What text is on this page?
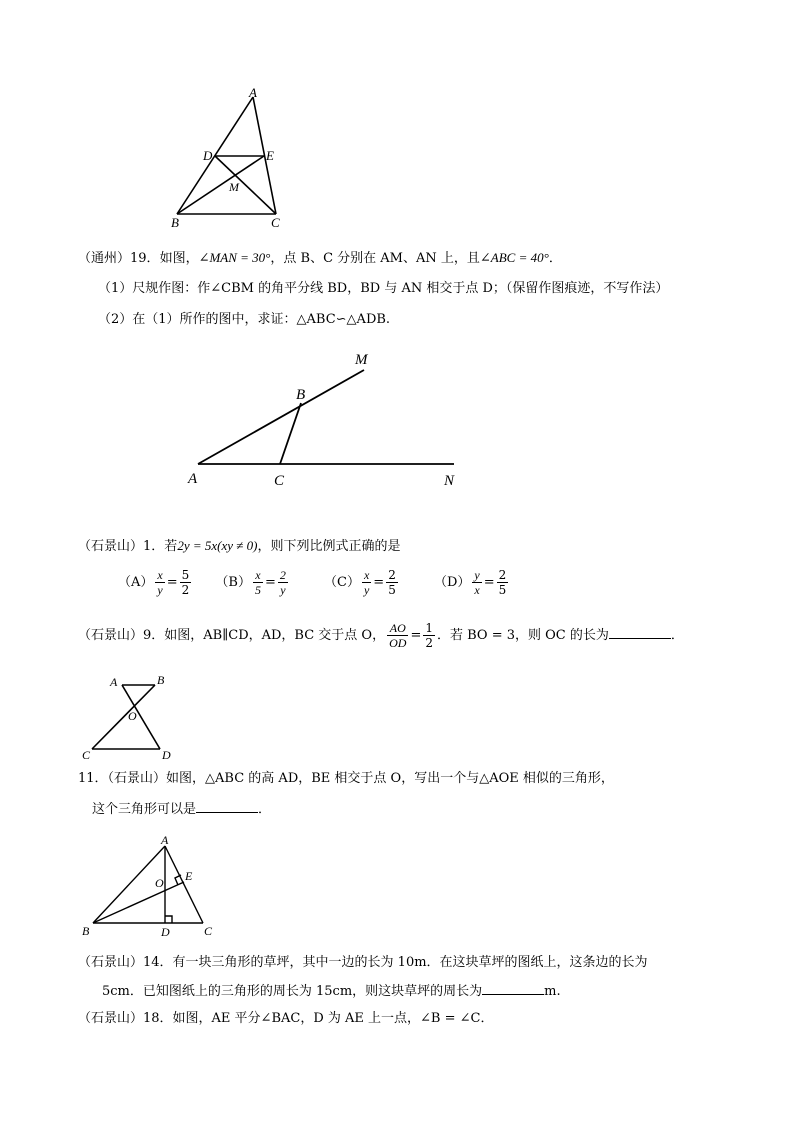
A
D	E
M
B	C
（通州）19．如图，∠MAN = 30°，点 B、C 分别在 AM、AN 上，且∠ABC = 40°．
（1）尺规作图：作∠CBM 的角平分线 BD，BD 与 AN 相交于点 D；（保留作图痕迹，不写作法）
（2）在（1）所作的图中，求证：△ABC∽△ADB.
M
B
A	C	N
（石景山）1．若2y = 5x(xy ≠ 0)，则下列比例式正确的是
$(A) \frac{x}{y} = \frac{5}{2} (B) \frac{x}{5} = \frac{2}{y}$	$(C) \frac{x}{y} = \frac{2}{5}$	$(D) \frac{y}{x} = \frac{2}{5}$
（石景山）9．如图，AB∥CD，AD，BC 交于点 O， $\frac{AO}{OD} = \frac{1}{2}$ ．若 BO = 3，则 OC 的长为	．
A	B
O
C	D
11．（石景山）如图，△ABC 的高 AD，BE 相交于点 O，写出一个与△AOE 相似的三角形，
这个三角形可以是	．
A
E
O
B	D	C
（石景山）14．有一块三角形的草坪，其中一边的长为 10m．在这块草坪的图纸上，这条边的长为
5cm．已知图纸上的三角形的周长为 15cm，则这块草坪的周长为	m.
（石景山）18．如图，AE 平分∠BAC，D 为 AE 上一点，∠B = ∠C．
